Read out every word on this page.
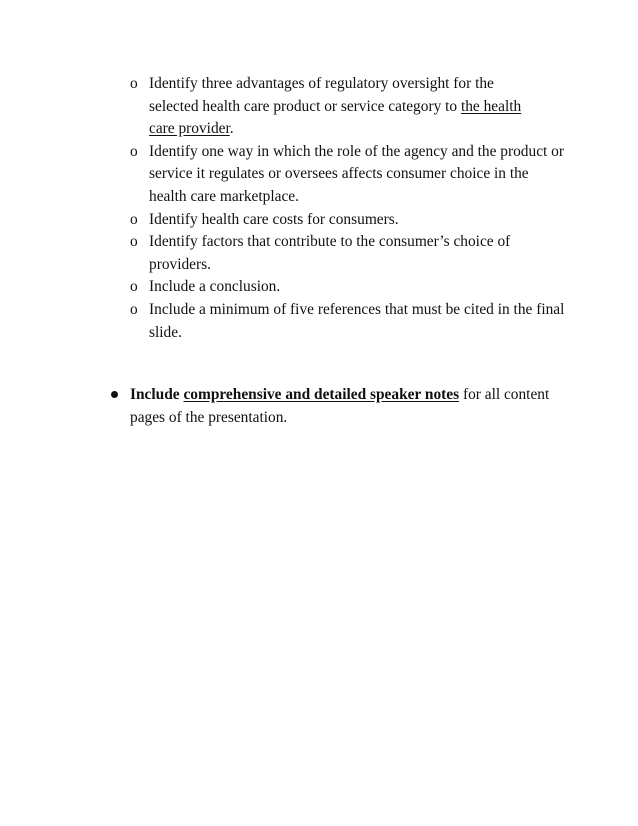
o Identify three advantages of regulatory oversight for the
selected health care product or service category to the health
care provider.
o Identify one way in which the role of the agency and the product or service it regulates or oversees affects consumer choice in the health care marketplace.
o Identify health care costs for consumers.
o Identify factors that contribute to the consumer’s choice of providers.
o Include a conclusion.
o Include a minimum of five references that must be cited in the final slide.
Include comprehensive and detailed speaker notes for all content pages of the presentation.
